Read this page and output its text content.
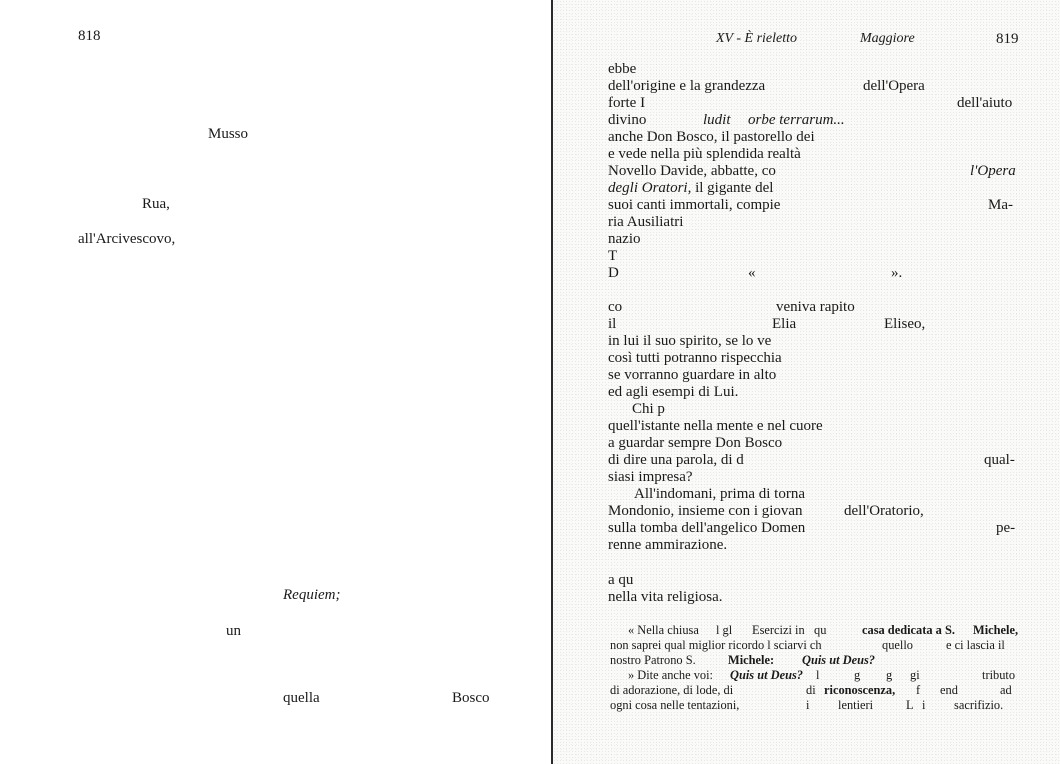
818
Musso
Rua,
all'Arcivescovo,
Requiem;
un
quella	Bosco
XV - È rieletto	Maggiore	819
ebbe
dell'origine e la grandezza	dell'Opera
forte I	dell'aiuto
divino	ludit orbe terrarum...
anche Don Bosco, il pastorello dei
e vede nella più splendida realtà
Novello Davide, abbatte, co	l'Opera
degli Oratori, il gigante del
suoi canti immortali, compie	Ma-
ria Ausiliatri
nazio
T
D	«	».
co	veniva rapito
il	Elia	Eliseo,
in lui il suo spirito, se lo ve
così tutti potranno rispecchia
se vorranno guardare in alto
ed agli esempi di Lui.
Chi p
quell'istante nella mente e nel cuore
a guardar sempre Don Bosco
di dire una parola, di d	qual-
siasi impresa?
All'indomani, prima di torna
Mondonio, insieme con i giovan	dell'Oratorio,
sulla tomba dell'angelico Domen	pe-
renne ammirazione.
a qu
nella vita religiosa.
« Nella chiusa l gl Esercizi in qu	casa dedicata a S. Michele,
non saprei qual miglior ricordo l sciarvi ch	quello	e ci lascia il
nostro Patrono S.	Michele: Quis ut Deus?
» Dite anche voi: Quis ut Deus? l	g g gi	tributo
di adorazione, di lode, di	di riconoscenza, f end	ad
ogni cosa nelle tentazioni,	i lentieri	L i sacrifizio.
